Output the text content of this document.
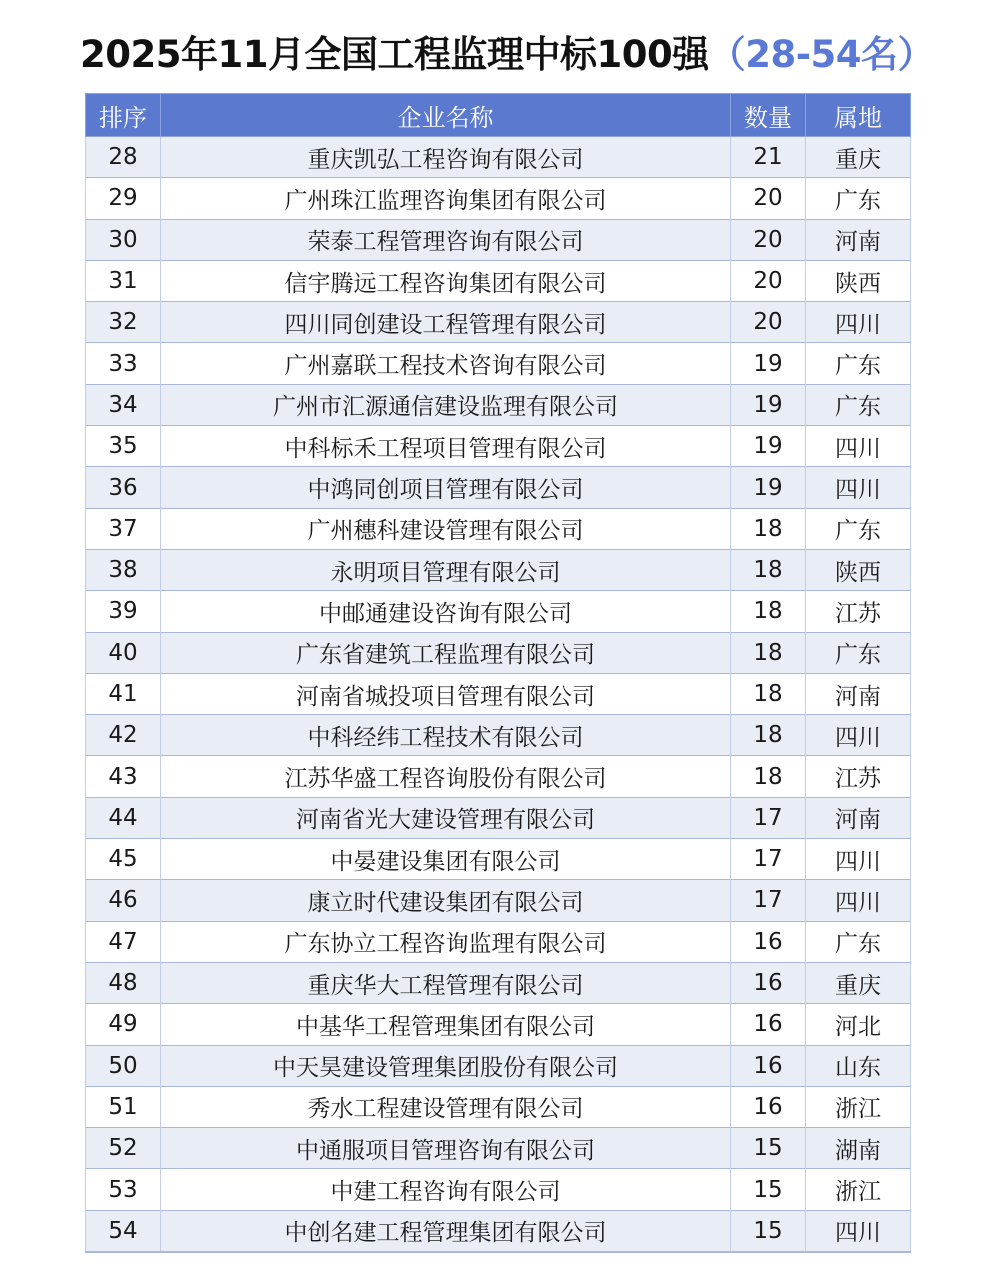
2025年11月全国工程监理中标100强（28-54名）
排序	企业名称	数量	属地
28	重庆凯弘工程咨询有限公司	21	重庆
29	广州珠江监理咨询集团有限公司	20	广东
30	荣泰工程管理咨询有限公司	20	河南
31	信宇腾远工程咨询集团有限公司	20	陕西
32	四川同创建设工程管理有限公司	20	四川
33	广州嘉联工程技术咨询有限公司	19	广东
34	广州市汇源通信建设监理有限公司	19	广东
35	中科标禾工程项目管理有限公司	19	四川
36	中鸿同创项目管理有限公司	19	四川
37	广州穗科建设管理有限公司	18	广东
38	永明项目管理有限公司	18	陕西
39	中邮通建设咨询有限公司	18	江苏
40	广东省建筑工程监理有限公司	18	广东
41	河南省城投项目管理有限公司	18	河南
42	中科经纬工程技术有限公司	18	四川
43	江苏华盛工程咨询股份有限公司	18	江苏
44	河南省光大建设管理有限公司	17	河南
45	中晏建设集团有限公司	17	四川
46	康立时代建设集团有限公司	17	四川
47	广东协立工程咨询监理有限公司	16	广东
48	重庆华大工程管理有限公司	16	重庆
49	中基华工程管理集团有限公司	16	河北
50	中天昊建设管理集团股份有限公司	16	山东
51	秀水工程建设管理有限公司	16	浙江
52	中通服项目管理咨询有限公司	15	湖南
53	中建工程咨询有限公司	15	浙江
54	中创名建工程管理集团有限公司	15	四川
